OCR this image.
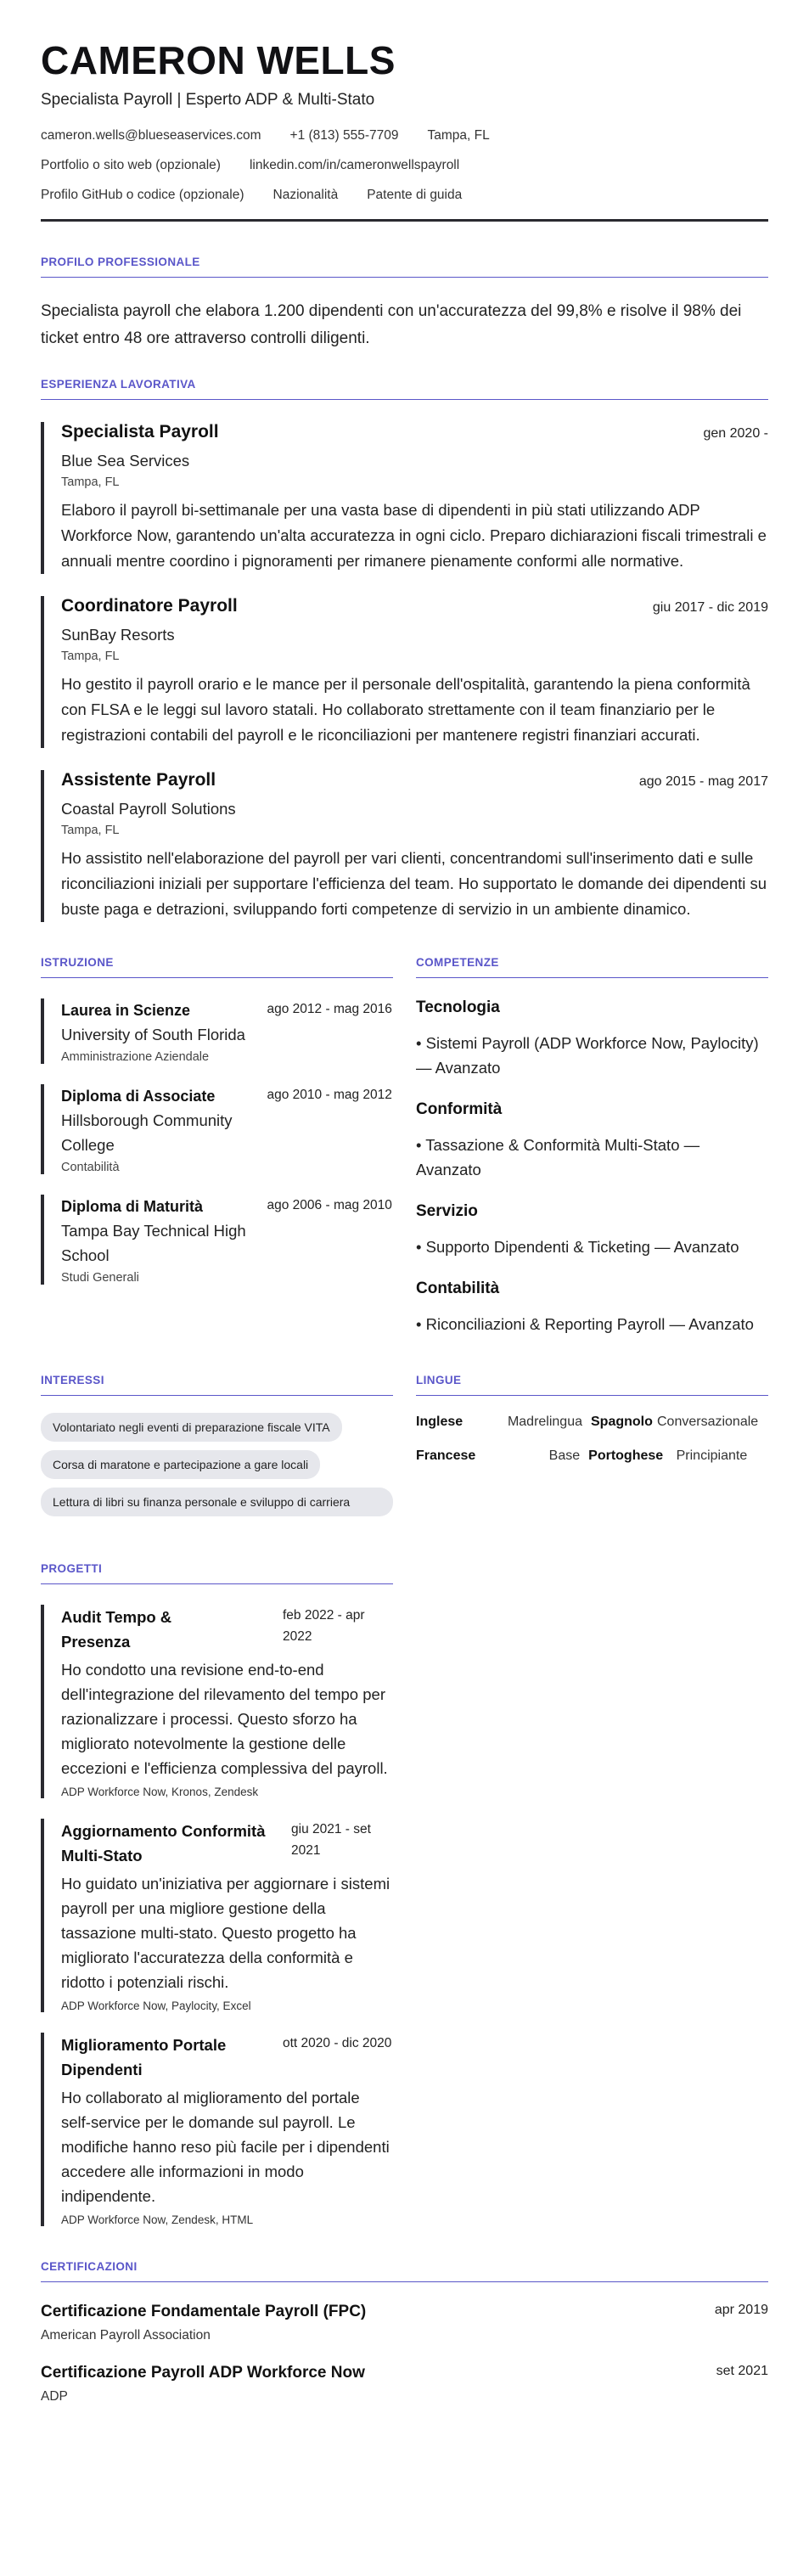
CAMERON WELLS
Specialista Payroll | Esperto ADP & Multi-Stato
cameron.wells@blueseaservices.com +1 (813) 555-7709 Tampa, FL
Portfolio o sito web (opzionale) linkedin.com/in/cameronwellspayroll
Profilo GitHub o codice (opzionale) Nazionalità Patente di guida
PROFILO PROFESSIONALE
Specialista payroll che elabora 1.200 dipendenti con un'accuratezza del 99,8% e risolve il 98% dei ticket entro 48 ore attraverso controlli diligenti.
ESPERIENZA LAVORATIVA
Specialista Payroll	gen 2020 -
Blue Sea Services
Tampa, FL
Elaboro il payroll bi-settimanale per una vasta base di dipendenti in più stati utilizzando ADP Workforce Now, garantendo un'alta accuratezza in ogni ciclo. Preparo dichiarazioni fiscali trimestrali e annuali mentre coordino i pignoramenti per rimanere pienamente conformi alle normative.
Coordinatore Payroll	giu 2017 - dic 2019
SunBay Resorts
Tampa, FL
Ho gestito il payroll orario e le mance per il personale dell'ospitalità, garantendo la piena conformità con FLSA e le leggi sul lavoro statali. Ho collaborato strettamente con il team finanziario per le registrazioni contabili del payroll e le riconciliazioni per mantenere registri finanziari accurati.
Assistente Payroll	ago 2015 - mag 2017
Coastal Payroll Solutions
Tampa, FL
Ho assistito nell'elaborazione del payroll per vari clienti, concentrandomi sull'inserimento dati e sulle riconciliazioni iniziali per supportare l'efficienza del team. Ho supportato le domande dei dipendenti su buste paga e detrazioni, sviluppando forti competenze di servizio in un ambiente dinamico.
ISTRUZIONE
Laurea in Scienze
University of South Florida
Amministrazione Aziendale
ago 2012 - mag 2016
Diploma di Associate
Hillsborough Community College
Contabilità
ago 2010 - mag 2012
Diploma di Maturità
Tampa Bay Technical High School
Studi Generali
ago 2006 - mag 2010
COMPETENZE
Tecnologia
• Sistemi Payroll (ADP Workforce Now, Paylocity) — Avanzato
Conformità
• Tassazione & Conformità Multi-Stato — Avanzato
Servizio
• Supporto Dipendenti & Ticketing — Avanzato
Contabilità
• Riconciliazioni & Reporting Payroll — Avanzato
INTERESSI
Volontariato negli eventi di preparazione fiscale VITA
Corsa di maratone e partecipazione a gare locali
Lettura di libri su finanza personale e sviluppo di carriera
LINGUE
Inglese	Madrelingua Spagnolo Conversazionale
Francese	Base Portoghese Principiante
PROGETTI
Audit Tempo & Presenza
feb 2022 - apr 2022
Ho condotto una revisione end-to-end dell'integrazione del rilevamento del tempo per razionalizzare i processi. Questo sforzo ha migliorato notevolmente la gestione delle eccezioni e l'efficienza complessiva del payroll.
ADP Workforce Now, Kronos, Zendesk
Aggiornamento Conformità Multi-Stato
giu 2021 - set 2021
Ho guidato un'iniziativa per aggiornare i sistemi payroll per una migliore gestione della tassazione multi-stato. Questo progetto ha migliorato l'accuratezza della conformità e ridotto i potenziali rischi.
ADP Workforce Now, Paylocity, Excel
Miglioramento Portale Dipendenti
ott 2020 - dic 2020
Ho collaborato al miglioramento del portale self-service per le domande sul payroll. Le modifiche hanno reso più facile per i dipendenti accedere alle informazioni in modo indipendente.
ADP Workforce Now, Zendesk, HTML
CERTIFICAZIONI
Certificazione Fondamentale Payroll (FPC)
American Payroll Association
apr 2019
Certificazione Payroll ADP Workforce Now
ADP
set 2021
